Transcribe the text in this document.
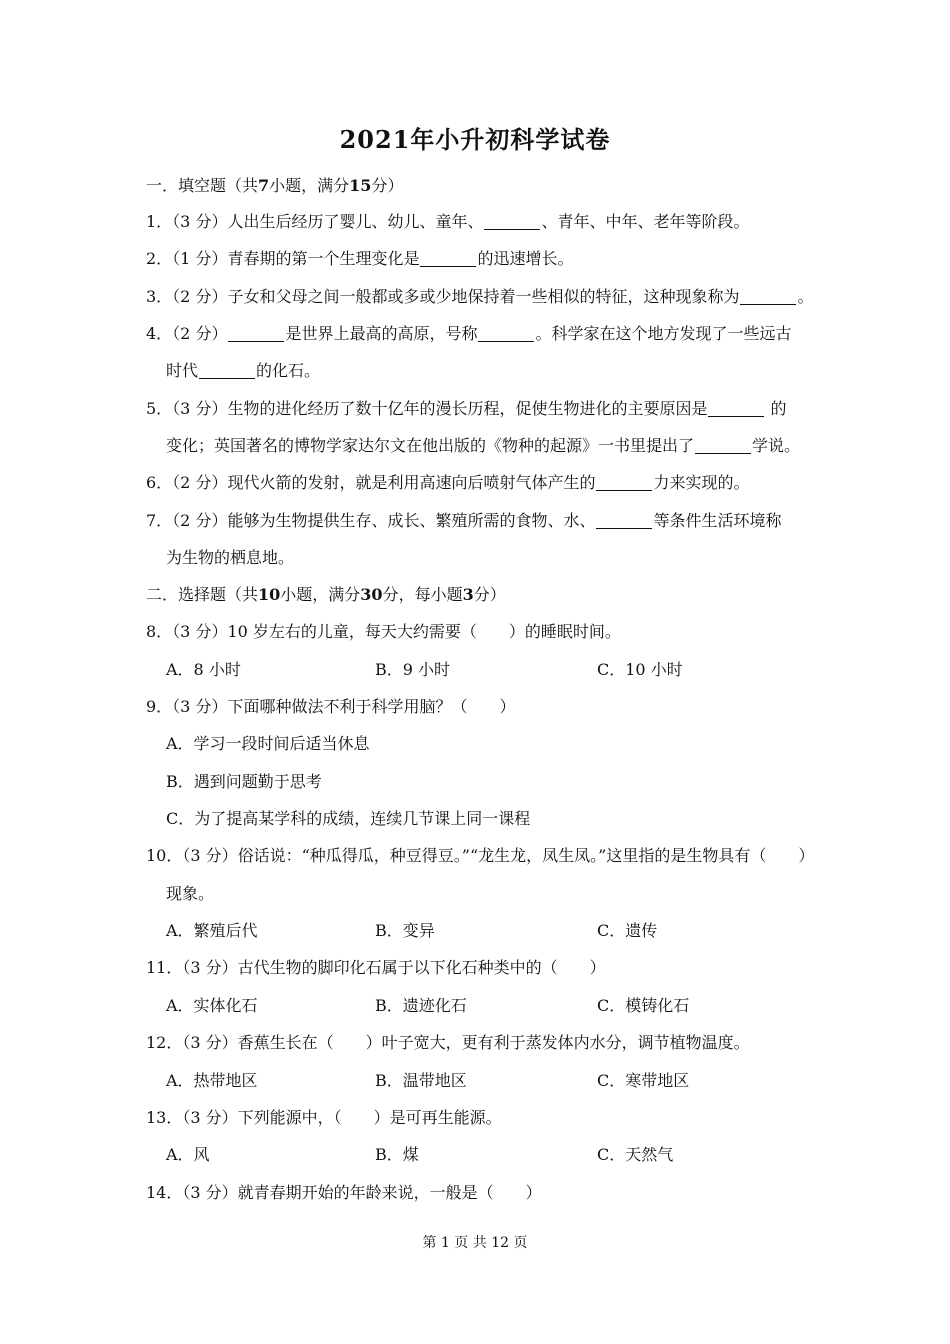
2021年小升初科学试卷
一．填空题（共7小题，满分15分）
1．（3 分）人出生后经历了婴儿、幼儿、童年、	、青年、中年、老年等阶段。
2．（1 分）青春期的第一个生理变化是	的迅速增长。
3．（2 分）子女和父母之间一般都或多或少地保持着一些相似的特征，这种现象称为	。
4．（2 分）	是世界上最高的高原，号称	。科学家在这个地方发现了一些远古
时代	的化石。
5．（3 分）生物的进化经历了数十亿年的漫长历程，促使生物进化的主要原因是	的
变化；英国著名的博物学家达尔文在他出版的《物种的起源》一书里提出了	学说。
6．（2 分）现代火箭的发射，就是利用高速向后喷射气体产生的	力来实现的。
7．（2 分）能够为生物提供生存、成长、繁殖所需的食物、水、	等条件生活环境称
为生物的栖息地。
二．选择题（共10小题，满分30分，每小题3分）
8．（3 分）10 岁左右的儿童，每天大约需要（　　）的睡眠时间。
A．8 小时	B．9 小时	C．10 小时
9．（3 分）下面哪种做法不利于科学用脑？（　　）
A．学习一段时间后适当休息
B．遇到问题勤于思考
C．为了提高某学科的成绩，连续几节课上同一课程
10．（3 分）俗话说：“种瓜得瓜，种豆得豆。”“龙生龙，凤生凤。”这里指的是生物具有（　　）
现象。
A．繁殖后代	B．变异	C．遗传
11．（3 分）古代生物的脚印化石属于以下化石种类中的（　　）
A．实体化石	B．遗迹化石	C．模铸化石
12．（3 分）香蕉生长在（　　）叶子宽大，更有利于蒸发体内水分，调节植物温度。
A．热带地区	B．温带地区	C．寒带地区
13．（3 分）下列能源中，（　　）是可再生能源。
A．风	B．煤	C．天然气
14．（3 分）就青春期开始的年龄来说，一般是（　　）
第 1 页 共 12 页
